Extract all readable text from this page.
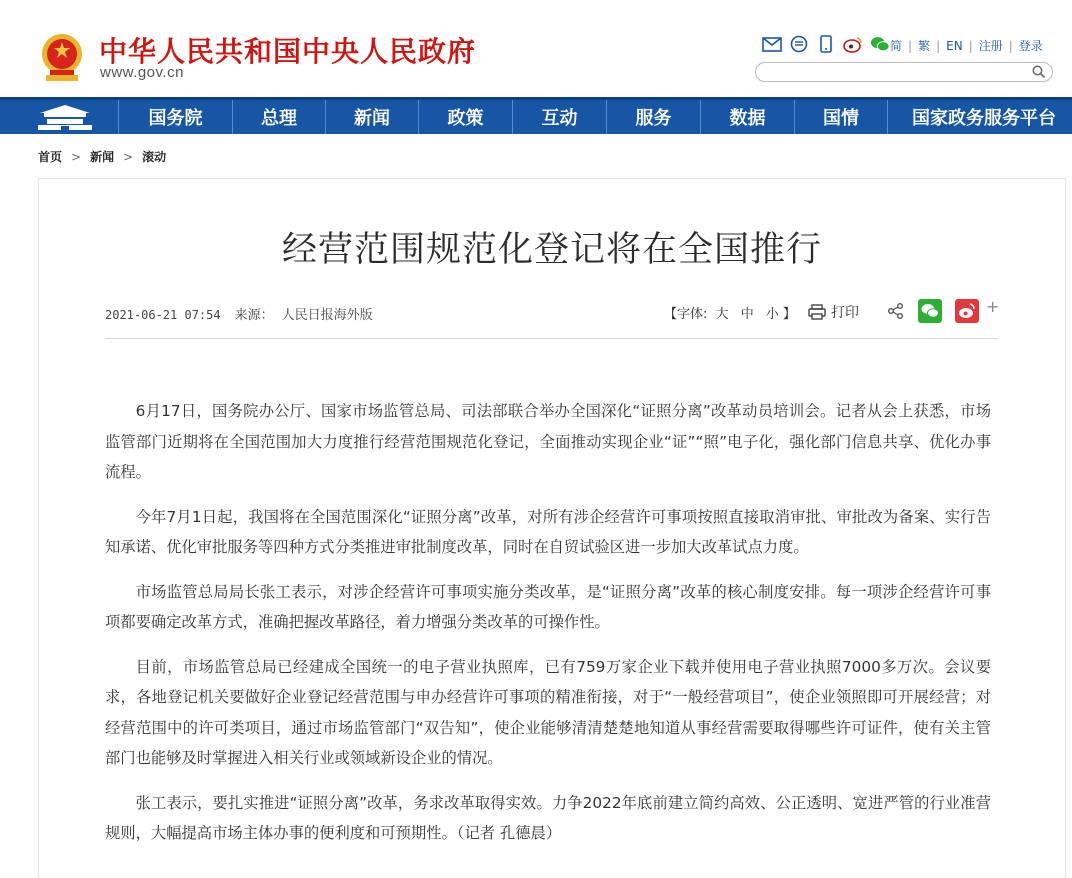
中华人民共和国中央人民政府
www.gov.cn
简 | 繁 | EN | 注册 | 登录
国务院	总理	新闻	政策	互动	服务	数据	国情	国家政务服务平台
首页 > 新闻 > 滚动
经营范围规范化登记将在全国推行
2021-06-21 07:54 来源： 人民日报海外版	【字体: 大 中 小 】	打印	+

6月17日，国务院办公厅、国家市场监管总局、司法部联合举办全国深化“证照分离”改革动员培训会。记者从会上获悉，市场监管部门近期将在全国范围加大力度推行经营范围规范化登记，全面推动实现企业“证”“照”电子化，强化部门信息共享、优化办事流程。

今年7月1日起，我国将在全国范围深化“证照分离”改革，对所有涉企经营许可事项按照直接取消审批、审批改为备案、实行告知承诺、优化审批服务等四种方式分类推进审批制度改革，同时在自贸试验区进一步加大改革试点力度。

市场监管总局局长张工表示，对涉企经营许可事项实施分类改革，是“证照分离”改革的核心制度安排。每一项涉企经营许可事项都要确定改革方式，准确把握改革路径，着力增强分类改革的可操作性。

目前，市场监管总局已经建成全国统一的电子营业执照库，已有759万家企业下载并使用电子营业执照7000多万次。会议要求，各地登记机关要做好企业登记经营范围与申办经营许可事项的精准衔接，对于“一般经营项目”，使企业领照即可开展经营；对经营范围中的许可类项目，通过市场监管部门“双告知”，使企业能够清清楚楚地知道从事经营需要取得哪些许可证件，使有关主管部门也能够及时掌握进入相关行业或领域新设企业的情况。

张工表示，要扎实推进“证照分离”改革，务求改革取得实效。力争2022年底前建立简约高效、公正透明、宽进严管的行业准营规则，大幅提高市场主体办事的便利度和可预期性。（记者 孔德晨）
